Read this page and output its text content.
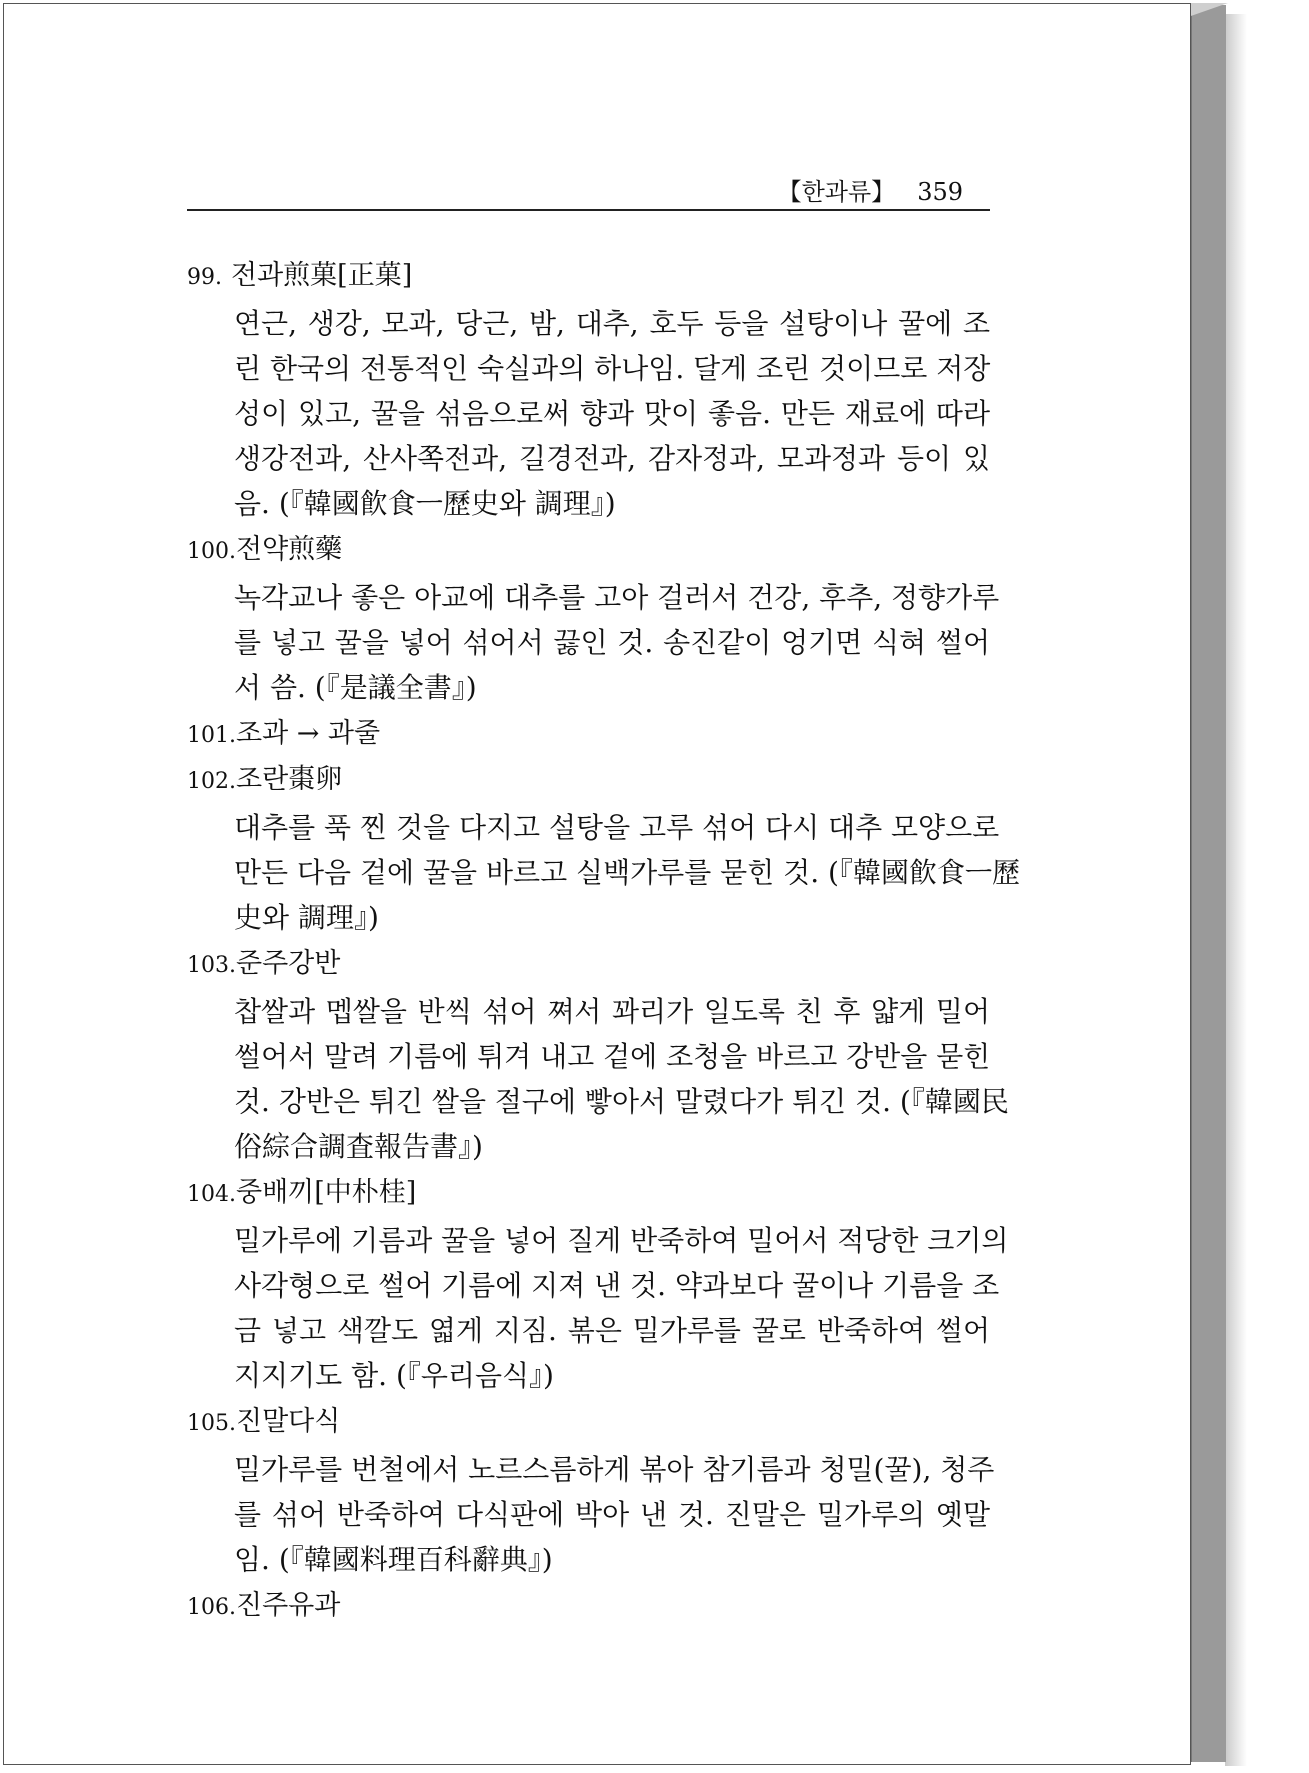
【한과류】 359
99. 전과煎菓[正菓]

연근, 생강, 모과, 당근, 밤, 대추, 호두 등을 설탕이나 꿀에 조

린 한국의 전통적인 숙실과의 하나임. 달게 조린 것이므로 저장

성이 있고, 꿀을 섞음으로써 향과 맛이 좋음. 만든 재료에 따라

생강전과, 산사쪽전과, 길경전과, 감자정과, 모과정과 등이 있

음. (『韓國飮食ㅡ歷史와 調理』)

100.전약煎藥

녹각교나 좋은 아교에 대추를 고아 걸러서 건강, 후추, 정향가루

를 넣고 꿀을 넣어 섞어서 끓인 것. 송진같이 엉기면 식혀 썰어

서 씀. (『是議全書』)

101.조과 → 과줄
102.조란棗卵

대추를 푹 찐 것을 다지고 설탕을 고루 섞어 다시 대추 모양으로

만든 다음 겉에 꿀을 바르고 실백가루를 묻힌 것. (『韓國飮食ㅡ歷

史와 調理』)

103.준주강반

찹쌀과 멥쌀을 반씩 섞어 쪄서 꽈리가 일도록 친 후 얇게 밀어

썰어서 말려 기름에 튀겨 내고 겉에 조청을 바르고 강반을 묻힌

것. 강반은 튀긴 쌀을 절구에 빻아서 말렸다가 튀긴 것. (『韓國民

俗綜合調査報告書』)

104.중배끼[中朴桂]

밀가루에 기름과 꿀을 넣어 질게 반죽하여 밀어서 적당한 크기의

사각형으로 썰어 기름에 지져 낸 것. 약과보다 꿀이나 기름을 조

금 넣고 색깔도 엷게 지짐. 볶은 밀가루를 꿀로 반죽하여 썰어

지지기도 함. (『우리음식』)

105.진말다식

밀가루를 번철에서 노르스름하게 볶아 참기름과 청밀(꿀), 청주

를 섞어 반죽하여 다식판에 박아 낸 것. 진말은 밀가루의 옛말

임. (『韓國料理百科辭典』)

106.진주유과
